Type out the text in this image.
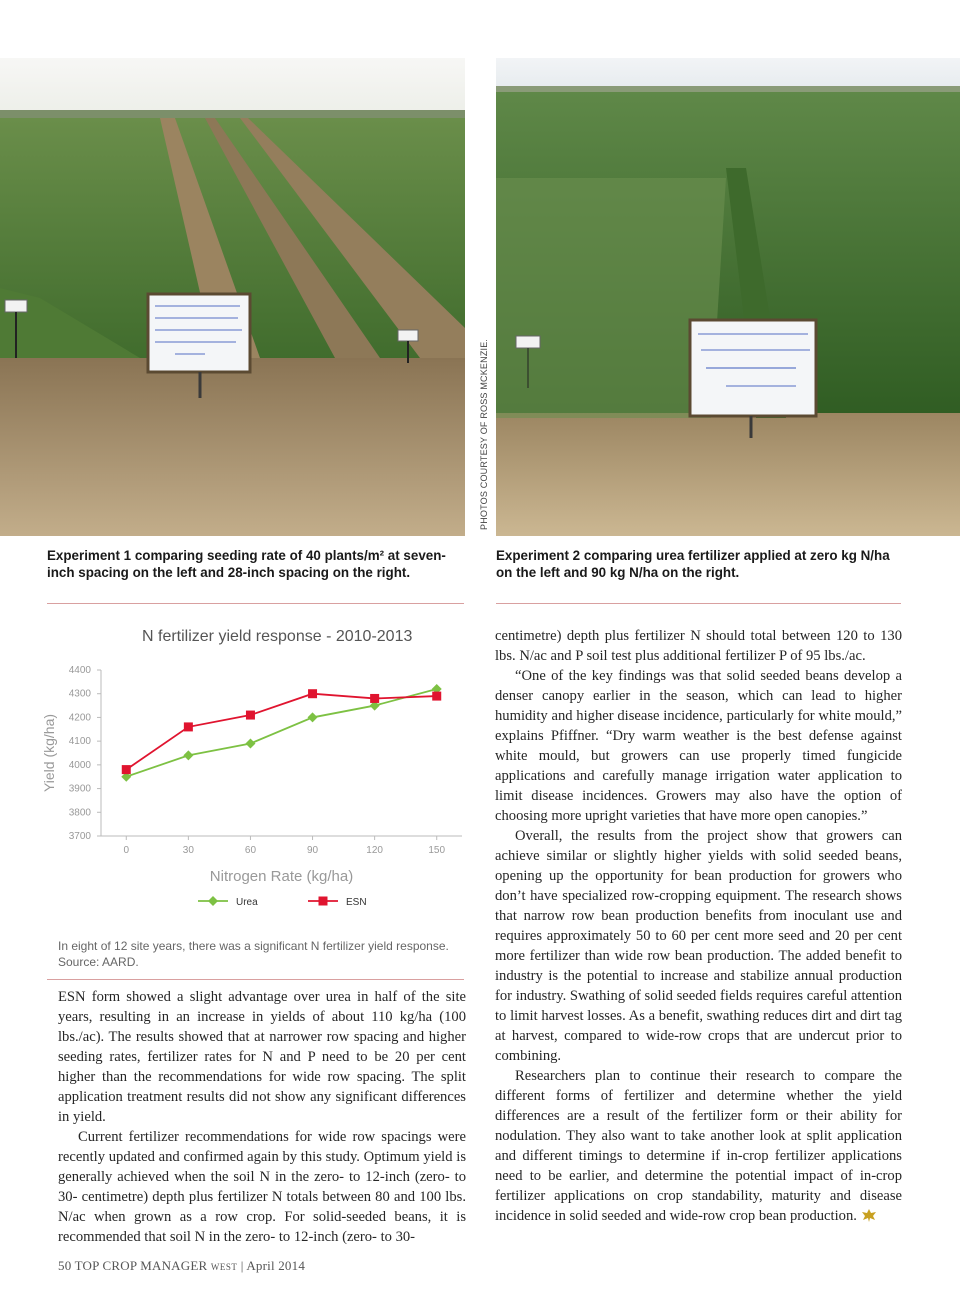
PHOTOS COURTESY OF ROSS MCKENZIE.
Experiment 1 comparing seeding rate of 40 plants/m² at seven-inch spacing on the left and 28-inch spacing on the right.
Experiment 2 comparing urea fertilizer applied at zero kg N/ha on the left and 90 kg N/ha on the right.
N fertilizer yield response - 2010-2013
3700
3800
3900
4000
4100
4200
4300
4400
0	30	60	90	120	150
Yield (kg/ha)
Nitrogen Rate (kg/ha)
Urea	ESN
In eight of 12 site years, there was a significant N fertilizer yield response.
Source: AARD.

ESN form showed a slight advantage over urea in half of the site years, resulting in an increase in yields of about 110 kg/ha (100 lbs./ac). The results showed that at narrower row spacing and higher seeding rates, fertilizer rates for N and P need to be 20 per cent higher than the recommendations for wide row spacing. The split application treatment results did not show any significant differences in yield.

Current fertilizer recommendations for wide row spacings were recently updated and confirmed again by this study. Optimum yield is generally achieved when the soil N in the zero- to 12-inch (zero- to 30- centimetre) depth plus fertilizer N totals between 80 and 100 lbs. N/ac when grown as a row crop. For solid-seeded beans, it is recommended that soil N in the zero- to 12-inch (zero- to 30-

centimetre) depth plus fertilizer N should total between 120 to 130 lbs. N/ac and P soil test plus additional fertilizer P of 95 lbs./ac.

“One of the key findings was that solid seeded beans develop a denser canopy earlier in the season, which can lead to higher humidity and higher disease incidence, particularly for white mould,” explains Pfiffner. “Dry warm weather is the best defense against white mould, but growers can use properly timed fungicide applications and carefully manage irrigation water application to limit disease incidences. Growers may also have the option of choosing more upright varieties that have more open canopies.”

Overall, the results from the project show that growers can achieve similar or slightly higher yields with solid seeded beans, opening up the opportunity for bean production for growers who don’t have specialized row-cropping equipment. The research shows that narrow row bean production benefits from inoculant use and requires approximately 50 to 60 per cent more seed and 20 per cent more fertilizer than wide row bean production. The added benefit to industry is the potential to increase and stabilize annual production for industry. Swathing of solid seeded fields requires careful attention to limit harvest losses. As a benefit, swathing reduces dirt and dirt tag at harvest, compared to wide-row crops that are undercut prior to combining.

Researchers plan to continue their research to compare the different forms of fertilizer and determine whether the yield differences are a result of the fertilizer form or their ability for nodulation. They also want to take another look at split application and different timings to determine if in-crop fertilizer applications need to be earlier, and determine the potential impact of in-crop fertilizer applications on crop standability, maturity and disease incidence in solid seeded and wide-row crop bean production.

50 TOP CROP MANAGER WEST | April 2014
